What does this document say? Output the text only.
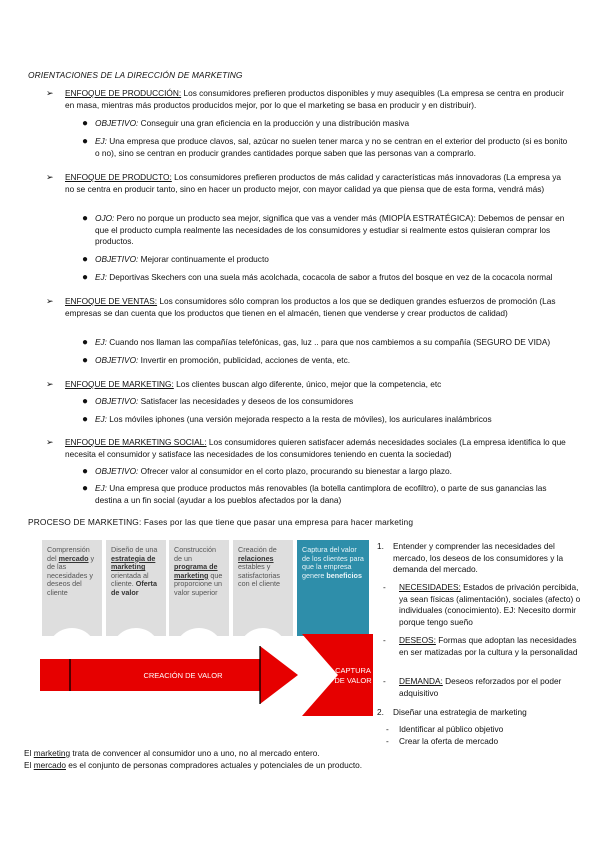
ORIENTACIONES DE LA DIRECCIÓN DE MARKETING
➢	ENFOQUE DE PRODUCCIÓN: Los consumidores prefieren productos disponibles y muy asequibles (La empresa se centra en producir en masa, mientras más productos producidos mejor, por lo que el marketing se basa en producir y en distribuir).
● OBJETIVO: Conseguir una gran eficiencia en la producción y una distribución masiva
● EJ: Una empresa que produce clavos, sal, azúcar no suelen tener marca y no se centran en el exterior del producto (si es bonito o no), sino se centran en producir grandes cantidades porque saben que las personas van a comprarlo.
➢	ENFOQUE DE PRODUCTO: Los consumidores prefieren productos de más calidad y características más innovadoras (La empresa ya no se centra en producir tanto, sino en hacer un producto mejor, con mayor calidad ya que piensa que de esta forma, vendrá más)
● OJO: Pero no porque un producto sea mejor, significa que vas a vender más (MIOPÍA ESTRATÉGICA): Debemos de pensar en que el producto cumpla realmente las necesidades de los consumidores y estudiar si realmente estos quisieran comprar los productos.
● OBJETIVO: Mejorar continuamente el producto
● EJ: Deportivas Skechers con una suela más acolchada, cocacola de sabor a frutos del bosque en vez de la cocacola normal
➢	ENFOQUE DE VENTAS: Los consumidores sólo compran los productos a los que se dediquen grandes esfuerzos de promoción (Las empresas se dan cuenta que los productos que tienen en el almacén, tienen que venderse y crear productos de calidad)
● EJ: Cuando nos llaman las compañías telefónicas, gas, luz .. para que nos cambiemos a su compañía (SEGURO DE VIDA)
● OBJETIVO: Invertir en promoción, publicidad, acciones de venta, etc.
➢	ENFOQUE DE MARKETING: Los clientes buscan algo diferente, único, mejor que la competencia, etc
● OBJETIVO: Satisfacer las necesidades y deseos de los consumidores
● EJ: Los móviles iphones (una versión mejorada respecto a la resta de móviles), los auriculares inalámbricos
➢	ENFOQUE DE MARKETING SOCIAL: Los consumidores quieren satisfacer además necesidades sociales (La empresa identifica lo que necesita el consumidor y satisface las necesidades de los consumidores teniendo en cuenta la sociedad)
● OBJETIVO: Ofrecer valor al consumidor en el corto plazo, procurando su bienestar a largo plazo.
● EJ: Una empresa que produce productos más renovables (la botella cantimplora de ecofiltro), o parte de sus ganancias las destina a un fin social (ayudar a los pueblos afectados por la dana)
PROCESO DE MARKETING: Fases por las que tiene que pasar una empresa para hacer marketing
Comprensión del mercado y de las necesidades y deseos del cliente
Diseño de una estrategia de marketing orientada al cliente. Oferta de valor
Construcción de un programa de marketing que proporcione un valor superior
Creación de relaciones estables y satisfactorias con el cliente
Captura del valor de los clientes para que la empresa genere beneficios
CREACIÓN DE VALOR
CAPTURA
DE VALOR
1.	Entender y comprender las necesidades del mercado, los deseos de los consumidores y la demanda del mercado.
-	NECESIDADES: Estados de privación percibida, ya sean físicas (alimentación), sociales (afecto) o individuales (conocimiento). EJ: Necesito dormir porque tengo sueño
-	DESEOS: Formas que adoptan las necesidades en ser matizadas por la cultura y la personalidad
-	DEMANDA: Deseos reforzados por el poder adquisitivo
2.	Diseñar una estrategia de marketing
-	Identificar al público objetivo
-	Crear la oferta de mercado
El marketing trata de convencer al consumidor uno a uno, no al mercado entero.
El mercado es el conjunto de personas compradores actuales y potenciales de un producto.
